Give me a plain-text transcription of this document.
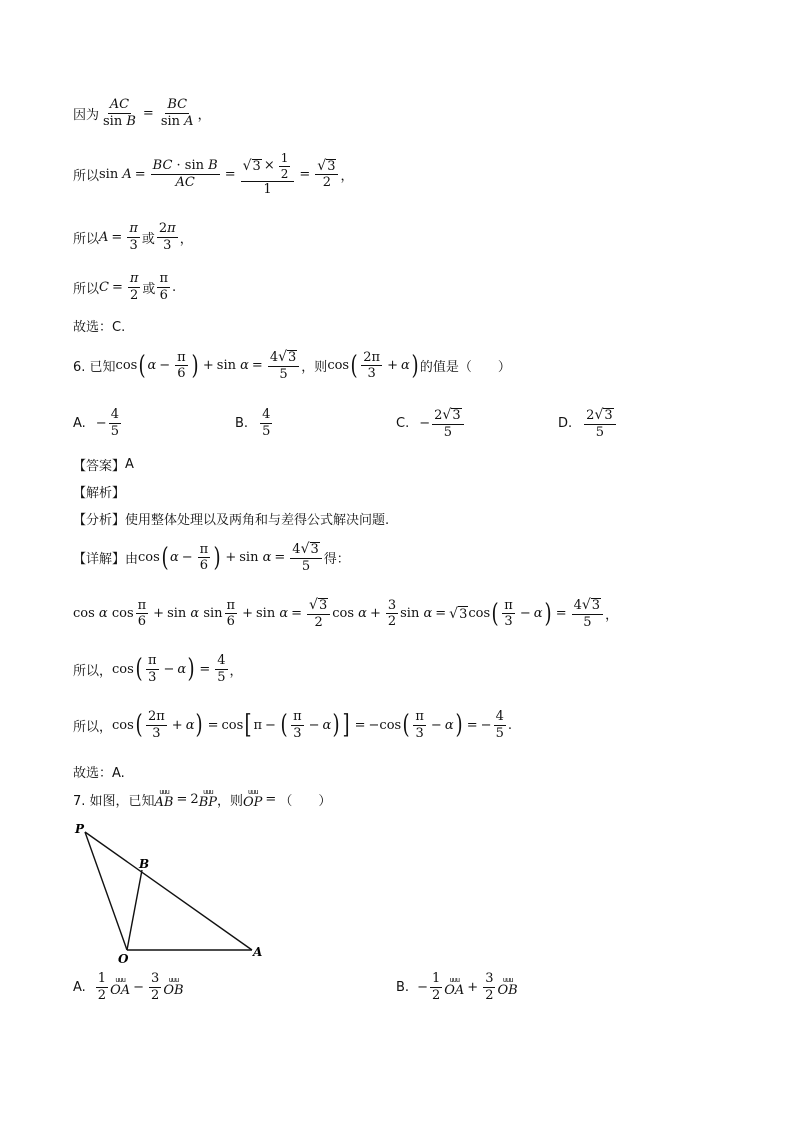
因为 $\frac{AC}{\text{sin B}} = \frac{BC}{\text{sin A}}$ ，
所以 $\sin A = \frac{\text{BC · sin B}}{AC} = \frac{√ 3 \times \frac{1}{2}}{1} = \frac{√ 3}{2}$ ，
所以 $A = \frac{\pi}{3}$ 或
2π
3 ，
所以 $C = \frac{\pi}{2}$ 或
π
6
.
故选：C.
6. 已知 cos ( $\alpha - \frac{\pi}{6}$ ) + $\sin \alpha = \frac{4 √ 3}{5}$ ，则 cos ( 2π
3
+ α ) 的值是（　　）
A. − $\frac{4}{5}$	B.
4
5	C. − $\frac{2 √ 3}{5}$	D.
2 √ 3
5
【答案】 A
【解析】
【分析】 使用整体处理以及两角和与差得公式解决问题.
【详解】 由 cos ( $\alpha - \frac{\pi}{6}$ ) + $\sin \alpha = \frac{4 √ 3}{5}$ 得：
cos α cos
π
6
+ sin α sin
π
6
+ $\sin \alpha = \frac{√ 3}{2}$ $\cos \alpha + \frac{3}{2}$ sin α = √ 3 cos ( π
3
− α ) = $\frac{4 √ 3}{5}$ ，
所以， cos ( π
3
− α ) = $\frac{4}{5}$ ，
所以， cos ( 2π
3
+ α ) = cos [ π − ( π
3
− α ) ] = −cos ( π
3
− α ) = − $\frac{4}{5}$ .
故选：A.
7. 如图，已知
uuu
AB = 2 uuu
BP ，则
uuu
OP = （　　）
P
B
O	A
A.
1
2
uuu
OA − $\frac{3}{2}$ uuu
OB	B. − $\frac{1}{2}$ uuu
OA + $\frac{3}{2}$ uuu
OB
